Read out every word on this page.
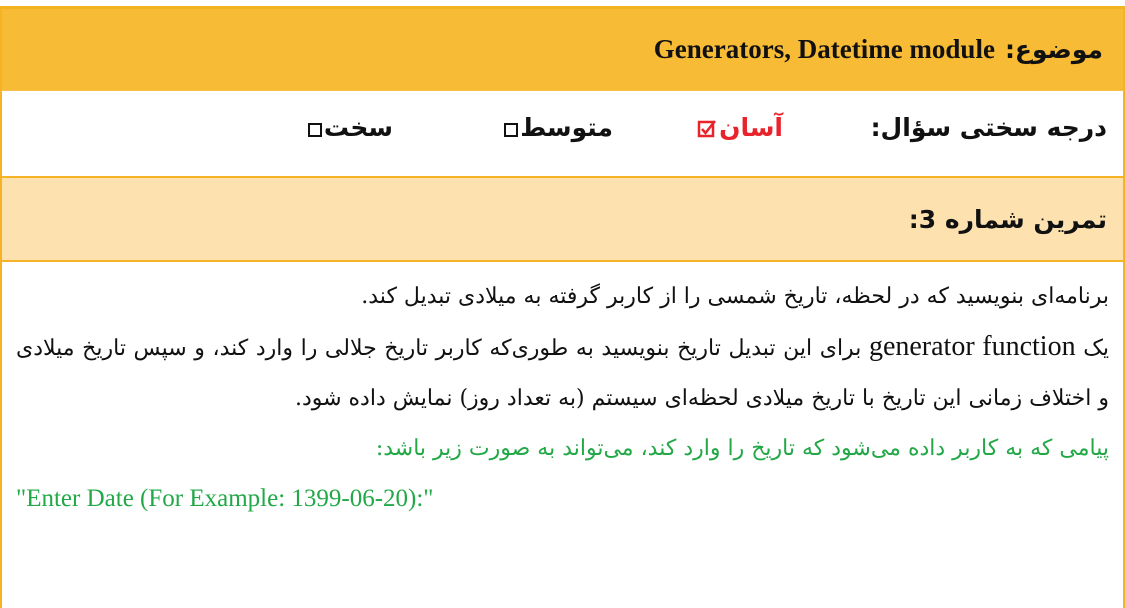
موضوع:
Generators, Datetime module
درجه سختی سؤال:
آسان
متوسط
سخت
تمرین شماره 3:

برنامه‌ای بنویسید که در لحظه، تاریخ شمسی را از کاربر گرفته به میلادی تبدیل کند.

یک generator function برای این تبدیل تاریخ بنویسید به طوری‌که کاربر تاریخ جلالی را وارد کند، و سپس تاریخ میلادی و اختلاف زمانی این تاریخ با تاریخ میلادی لحظه‌ای سیستم (به تعداد روز) نمایش داده شود.

پیامی که به کاربر داده می‌شود که تاریخ را وارد کند، می‌تواند به صورت زیر باشد:

"Enter Date (For Example: 1399-06-20):"
